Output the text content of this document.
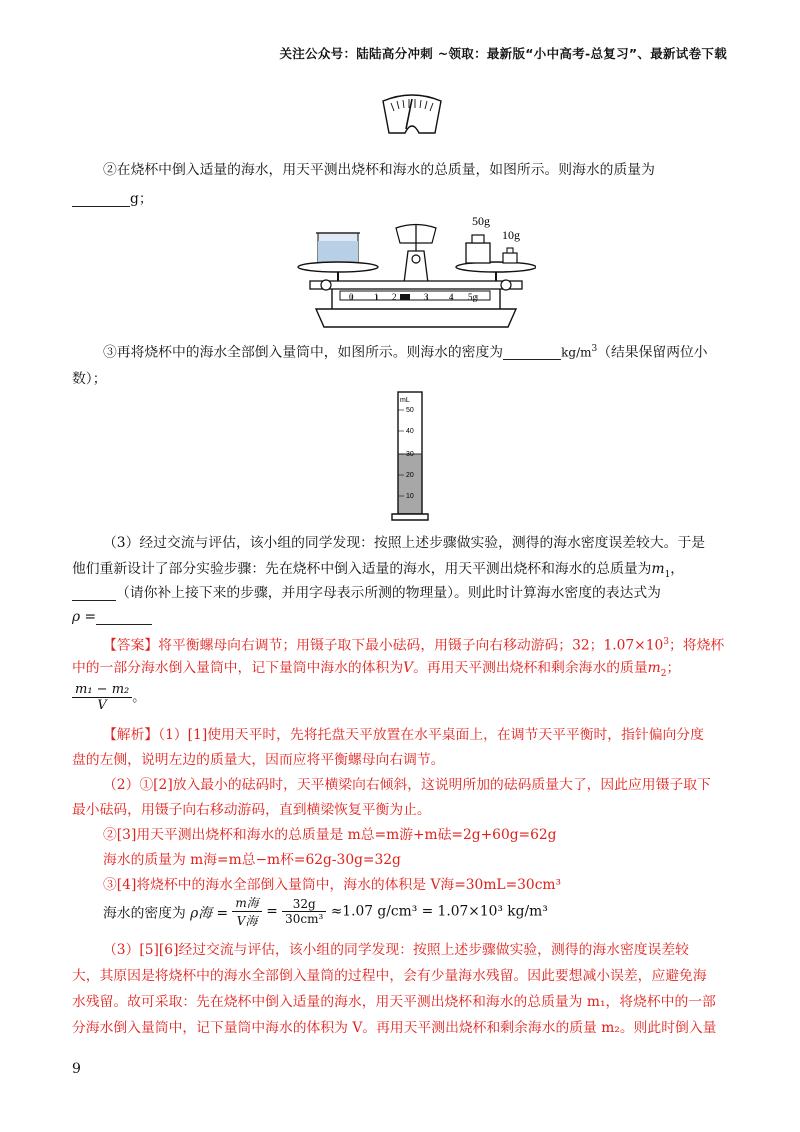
关注公众号：陆陆高分冲刺 ~领取：最新版“小中高考-总复习”、最新试卷下载
②在烧杯中倒入适量的海水，用天平测出烧杯和海水的总质量，如图所示。则海水的质量为
g；
50g
10g
0 1 2	3 4 5g
③再将烧杯中的海水全部倒入量筒中，如图所示。则海水的密度为	$kg/m^3$（结果保留两位小
数）；
mL
50
40
30
20
10
（3）经过交流与评估，该小组的同学发现：按照上述步骤做实验，测得的海水密度误差较大。于是
他们重新设计了部分实验步骤：先在烧杯中倒入适量的海水，用天平测出烧杯和海水的总质量为$m_1$，
（请你补上接下来的步骤，并用字母表示所测的物理量）。则此时计算海水密度的表达式为
ρ =
【答案】将平衡螺母向右调节；用镊子取下最小砝码，用镊子向右移动游码；32；$1.07\times 10^3$；将烧杯
中的一部分海水倒入量筒中，记下量筒中海水的体积为V。再用天平测出烧杯和剩余海水的质量$m_2$；
$\frac{\text{m₁ − m₂}}{V}$ 。
【解析】（1）[1]使用天平时，先将托盘天平放置在水平桌面上，在调节天平平衡时，指针偏向分度
盘的左侧，说明左边的质量大，因而应将平衡螺母向右调节。
（2）①[2]放入最小的砝码时，天平横梁向右倾斜，这说明所加的砝码质量大了，因此应用镊子取下
最小砝码，用镊子向右移动游码，直到横梁恢复平衡为止。
②[3]用天平测出烧杯和海水的总质量是 m总=m游+m砝=2g+60g=62g
海水的质量为 m海=m总−m杯=62g-30g=32g
③[4]将烧杯中的海水全部倒入量筒中，海水的体积是 V海=30mL=30cm³
海水的密度为 ρ海 = $\frac{\text{m海}}{\text{V海}} = \frac{32g}{\text{30cm³}} \approx 1.07$ g/cm³ = 1.07×10³ kg/m³
（3）[5][6]经过交流与评估，该小组的同学发现：按照上述步骤做实验，测得的海水密度误差较
大，其原因是将烧杯中的海水全部倒入量筒的过程中，会有少量海水残留。因此要想减小误差，应避免海
水残留。故可采取：先在烧杯中倒入适量的海水，用天平测出烧杯和海水的总质量为 m₁，将烧杯中的一部
分海水倒入量筒中，记下量筒中海水的体积为 V。再用天平测出烧杯和剩余海水的质量 m₂。则此时倒入量
9
